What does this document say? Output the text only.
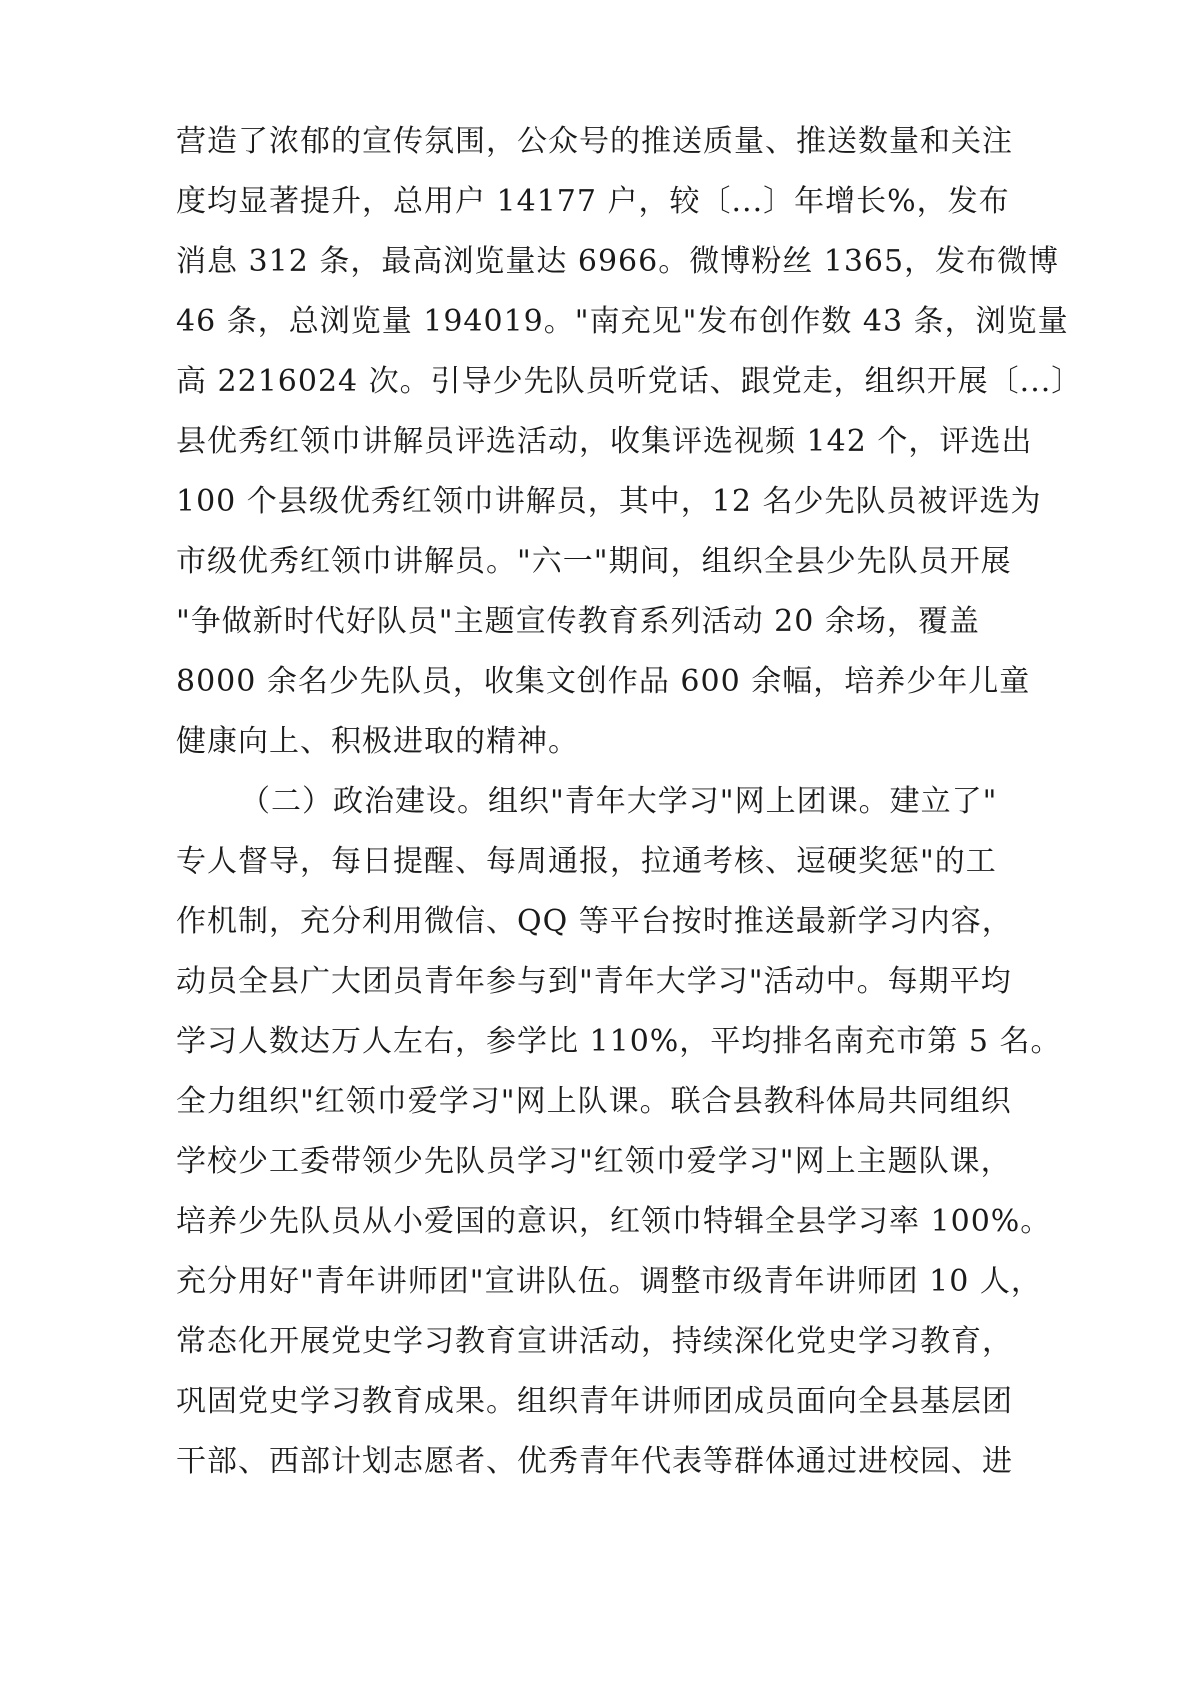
营造了浓郁的宣传氛围，公众号的推送质量、推送数量和关注
度均显著提升，总用户 14177 户，较〔...〕年增长%，发布
消息 312 条，最高浏览量达 6966。微博粉丝 1365，发布微博
46 条，总浏览量 194019。"南充见"发布创作数 43 条，浏览量
高 2216024 次。引导少先队员听党话、跟党走，组织开展〔...〕
县优秀红领巾讲解员评选活动，收集评选视频 142 个，评选出
100 个县级优秀红领巾讲解员，其中，12 名少先队员被评选为
市级优秀红领巾讲解员。"六一"期间，组织全县少先队员开展
"争做新时代好队员"主题宣传教育系列活动 20 余场，覆盖
8000 余名少先队员，收集文创作品 600 余幅，培养少年儿童
健康向上、积极进取的精神。
（二）政治建设。组织"青年大学习"网上团课。建立了"
专人督导，每日提醒、每周通报，拉通考核、逗硬奖惩"的工
作机制，充分利用微信、QQ 等平台按时推送最新学习内容，
动员全县广大团员青年参与到"青年大学习"活动中。每期平均
学习人数达万人左右，参学比 110%，平均排名南充市第 5 名。
全力组织"红领巾爱学习"网上队课。联合县教科体局共同组织
学校少工委带领少先队员学习"红领巾爱学习"网上主题队课，
培养少先队员从小爱国的意识，红领巾特辑全县学习率 100%。
充分用好"青年讲师团"宣讲队伍。调整市级青年讲师团 10 人，
常态化开展党史学习教育宣讲活动，持续深化党史学习教育，
巩固党史学习教育成果。组织青年讲师团成员面向全县基层团
干部、西部计划志愿者、优秀青年代表等群体通过进校园、进
